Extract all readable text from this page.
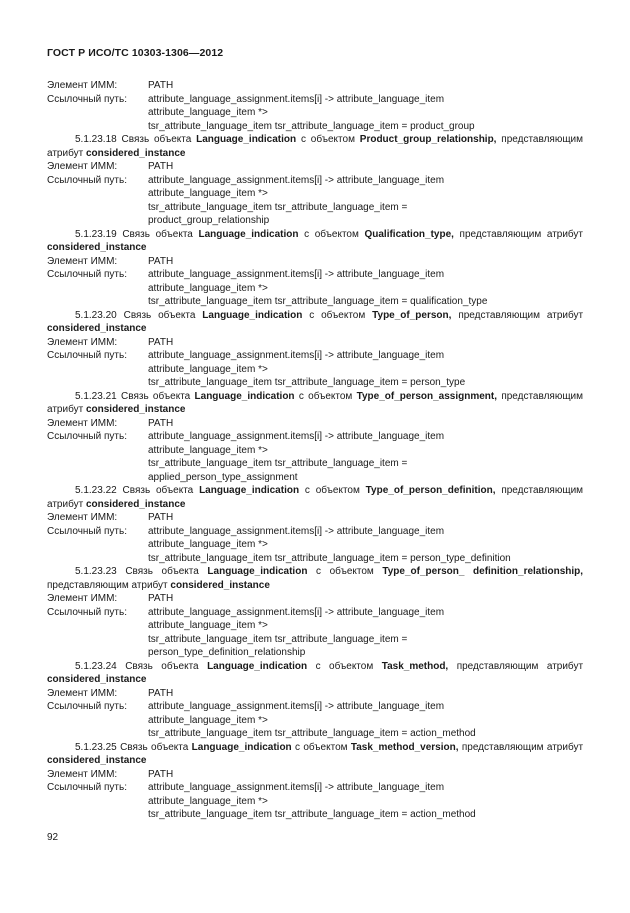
ГОСТ Р ИСО/ТС 10303-1306—2012
Элемент ИММ:	PATH
Ссылочный путь:	attribute_language_assignment.items[i] -> attribute_language_item
attribute_language_item *>
tsr_attribute_language_item tsr_attribute_language_item = product_group
5.1.23.18 Связь объекта Language_indication с объектом Product_group_relationship, представляющим атрибут considered_instance
Элемент ИММ:	PATH
Ссылочный путь:	attribute_language_assignment.items[i] -> attribute_language_item
attribute_language_item *>
tsr_attribute_language_item tsr_attribute_language_item =
product_group_relationship
5.1.23.19 Связь объекта Language_indication с объектом Qualification_type, представляющим атрибут considered_instance
Элемент ИММ:	PATH
Ссылочный путь:	attribute_language_assignment.items[i] -> attribute_language_item
attribute_language_item *>
tsr_attribute_language_item tsr_attribute_language_item = qualification_type
5.1.23.20 Связь объекта Language_indication с объектом Type_of_person, представляющим атрибут considered_instance
Элемент ИММ:	PATH
Ссылочный путь:	attribute_language_assignment.items[i] -> attribute_language_item
attribute_language_item *>
tsr_attribute_language_item tsr_attribute_language_item = person_type
5.1.23.21 Связь объекта Language_indication с объектом Type_of_person_assignment, представляющим атрибут considered_instance
Элемент ИММ:	PATH
Ссылочный путь:	attribute_language_assignment.items[i] -> attribute_language_item
attribute_language_item *>
tsr_attribute_language_item tsr_attribute_language_item =
applied_person_type_assignment
5.1.23.22 Связь объекта Language_indication с объектом Type_of_person_definition, представляющим атрибут considered_instance
Элемент ИММ:	PATH
Ссылочный путь:	attribute_language_assignment.items[i] -> attribute_language_item
attribute_language_item *>
tsr_attribute_language_item tsr_attribute_language_item = person_type_definition
5.1.23.23 Связь объекта Language_indication с объектом Type_of_person_ definition_relationship, представляющим атрибут considered_instance
Элемент ИММ:	PATH
Ссылочный путь:	attribute_language_assignment.items[i] -> attribute_language_item
attribute_language_item *>
tsr_attribute_language_item tsr_attribute_language_item =
person_type_definition_relationship
5.1.23.24 Связь объекта Language_indication с объектом Task_method, представляющим атрибут considered_instance
Элемент ИММ:	PATH
Ссылочный путь:	attribute_language_assignment.items[i] -> attribute_language_item
attribute_language_item *>
tsr_attribute_language_item tsr_attribute_language_item = action_method
5.1.23.25 Связь объекта Language_indication с объектом Task_method_version, представляющим атрибут considered_instance
Элемент ИММ:	PATH
Ссылочный путь:	attribute_language_assignment.items[i] -> attribute_language_item
attribute_language_item *>
tsr_attribute_language_item tsr_attribute_language_item = action_method
92
